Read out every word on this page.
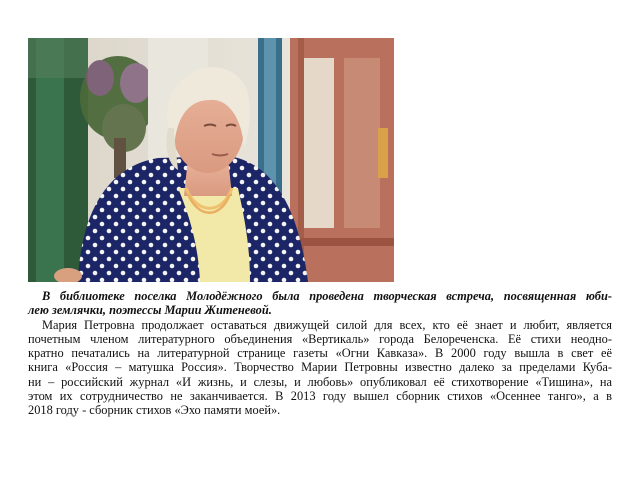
В библиотеке поселка Молодёжного была проведена творческая встреча, посвященная юби-
лею землячки, поэтессы Марии Житеневой.

Мария Петровна продолжает оставаться движущей силой для всех, кто её знает и любит, является
почетным членом литературного объединения «Вертикаль» города Белореченска. Её стихи неодно-
кратно печатались на литературной странице газеты «Огни Кавказа». В 2000 году вышла в свет её
книга «Россия – матушка Россия». Творчество Марии Петровны известно далеко за пределами Куба-
ни – российский журнал «И жизнь, и слезы, и любовь» опубликовал её стихотворение «Тишина», на
этом их сотрудничество не заканчивается. В 2013 году вышел сборник стихов «Осеннее танго», а в
2018 году - сборник стихов «Эхо памяти моей».
